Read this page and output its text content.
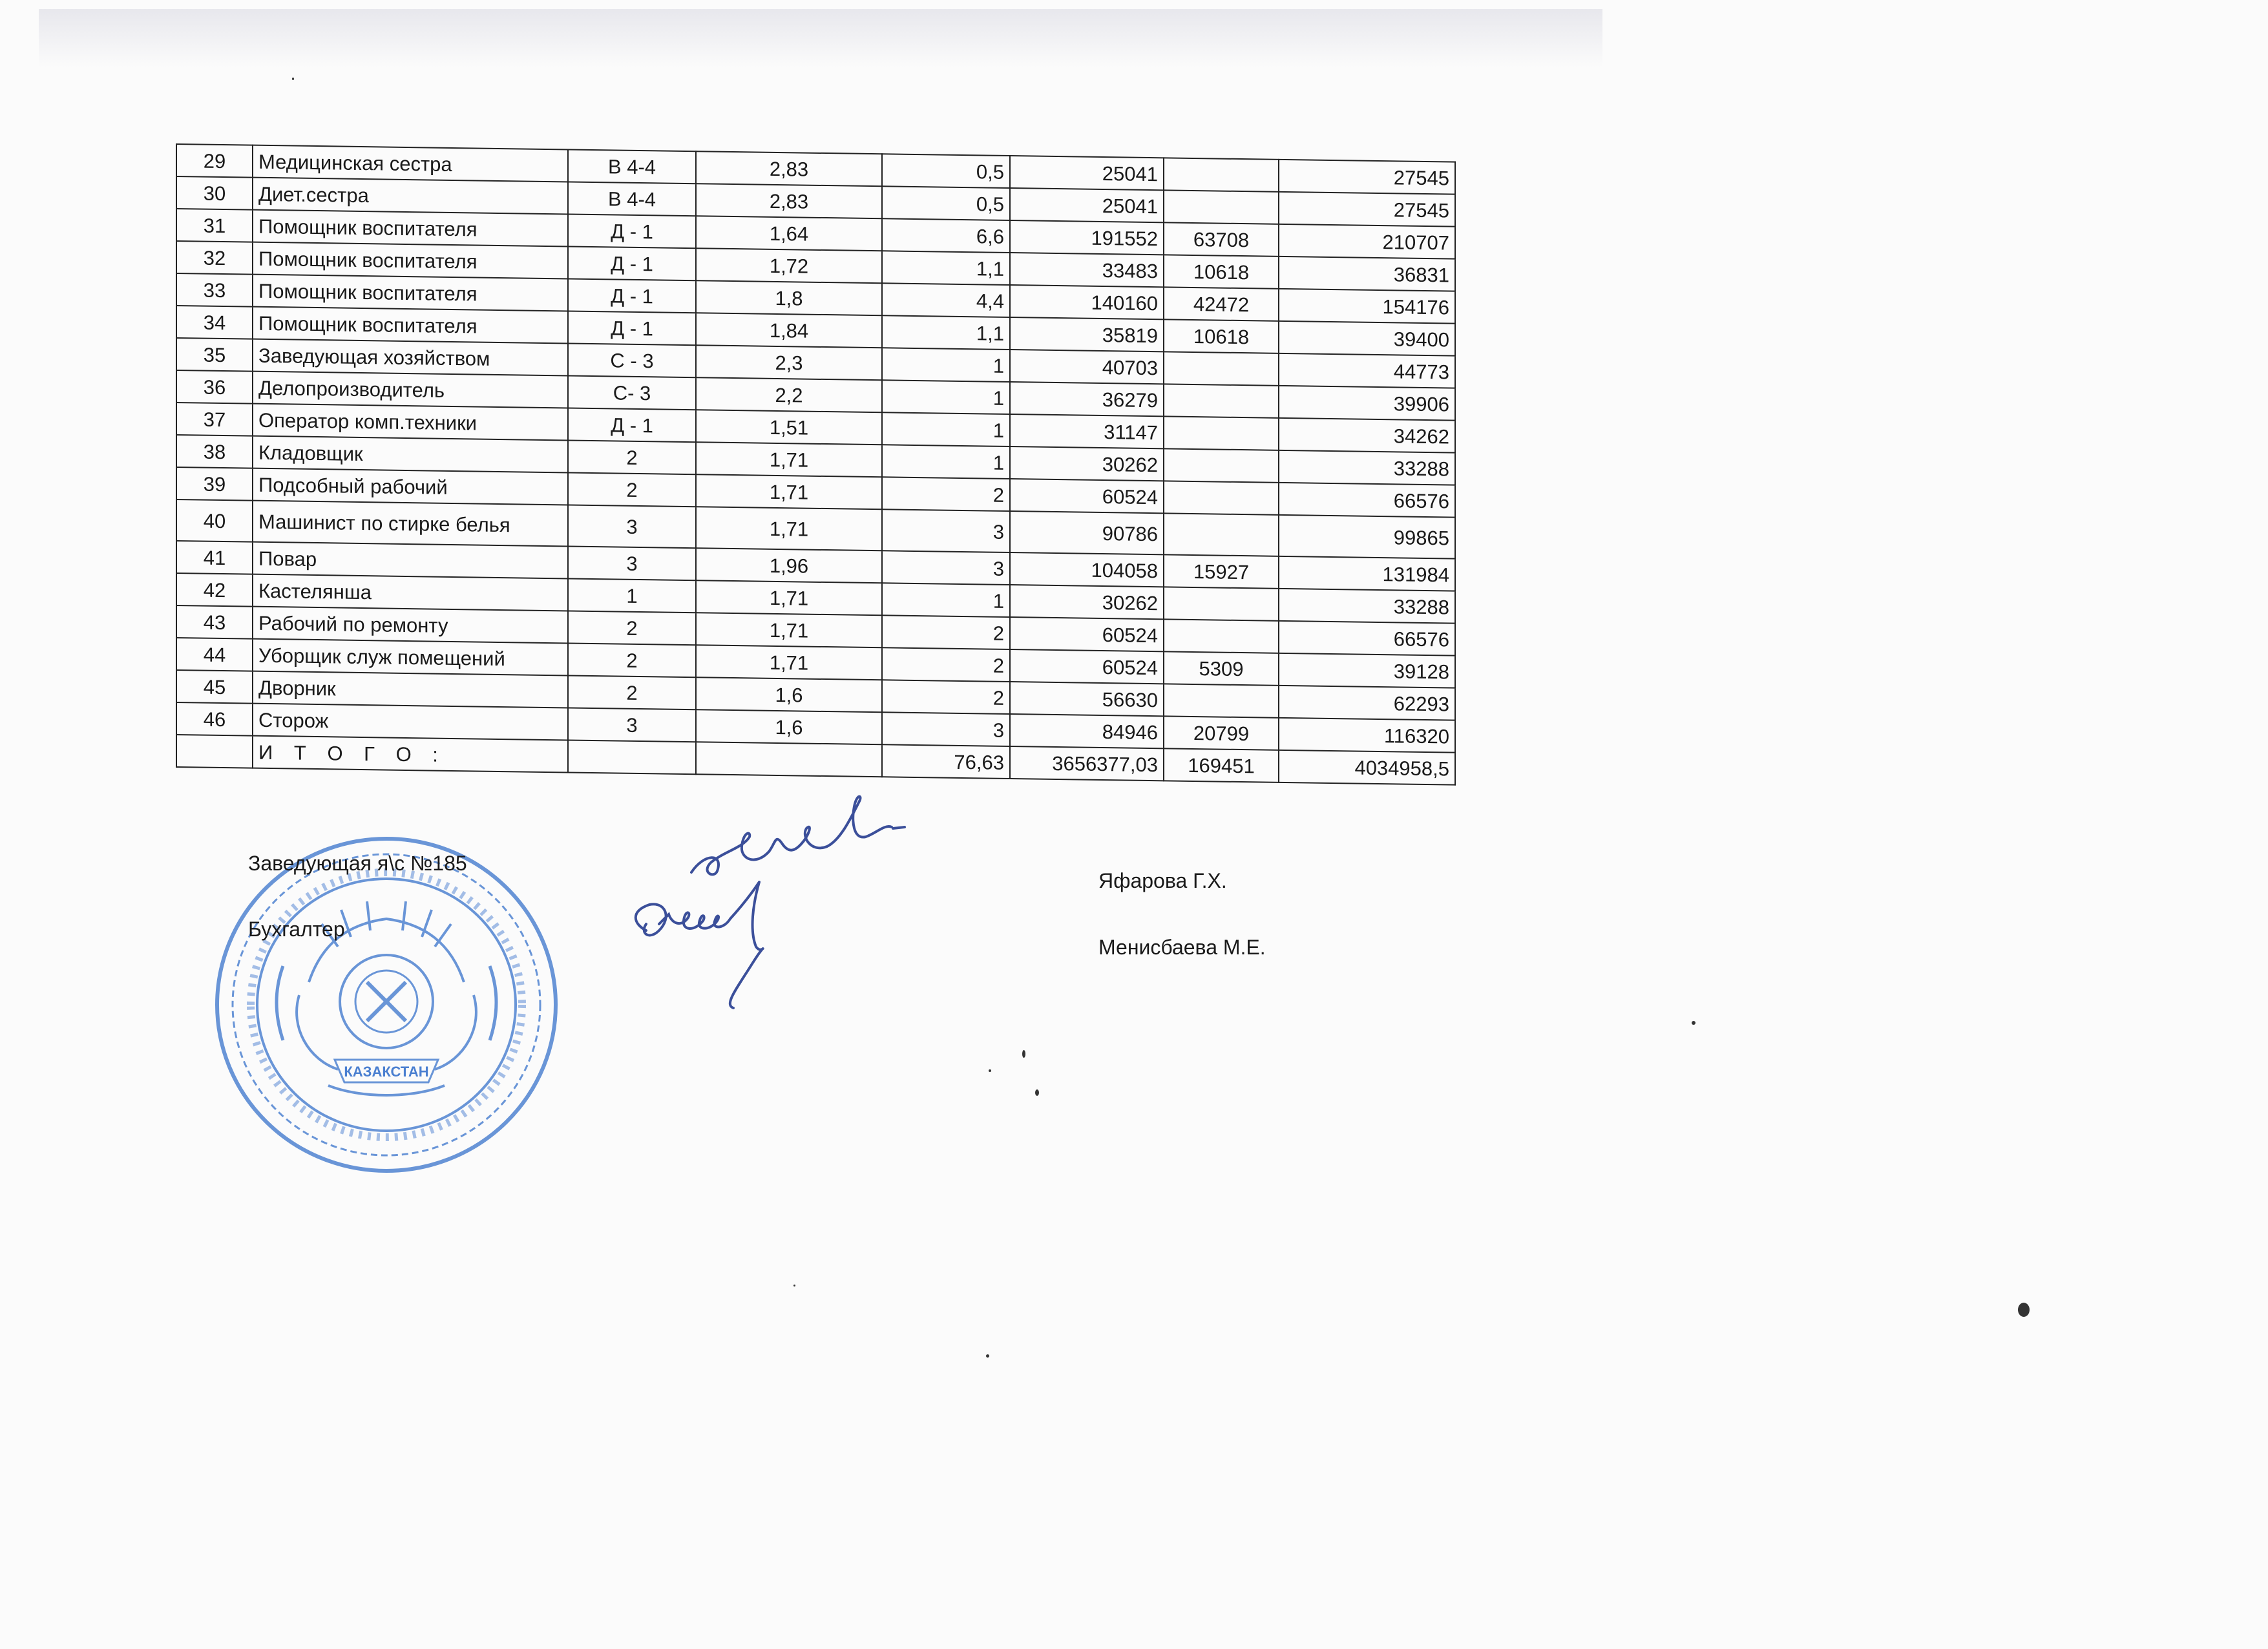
29	Медицинская сестра	В 4-4	2,83	0,5	25041		27545
30	Диет.сестра	В 4-4	2,83	0,5	25041		27545
31	Помощник воспитателя	Д - 1	1,64	6,6	191552	63708	210707
32	Помощник воспитателя	Д - 1	1,72	1,1	33483	10618	36831
33	Помощник воспитателя	Д - 1	1,8	4,4	140160	42472	154176
34	Помощник воспитателя	Д - 1	1,84	1,1	35819	10618	39400
35	Заведующая хозяйством	С - 3	2,3	1	40703		44773
36	Делопроизводитель	С- 3	2,2	1	36279		39906
37	Оператор комп.техники	Д - 1	1,51	1	31147		34262
38	Кладовщик	2	1,71	1	30262		33288
39	Подсобный рабочий	2	1,71	2	60524		66576
40	Машинист по стирке белья	3	1,71	3	90786		99865
41	Повар	3	1,96	3	104058	15927	131984
42	Кастелянша	1	1,71	1	30262		33288
43	Рабочий по ремонту	2	1,71	2	60524		66576
44	Уборщик служ помещений	2	1,71	2	60524	5309	39128
45	Дворник	2	1,6	2	56630		62293
46	Сторож	3	1,6	3	84946	20799	116320
	И Т О Г О :			76,63	3656377,03	169451	4034958,5
КАЗАКСТАН
Заведующая я\с №185
Бухгалтер
Яфарова Г.Х.
Менисбаева М.Е.
